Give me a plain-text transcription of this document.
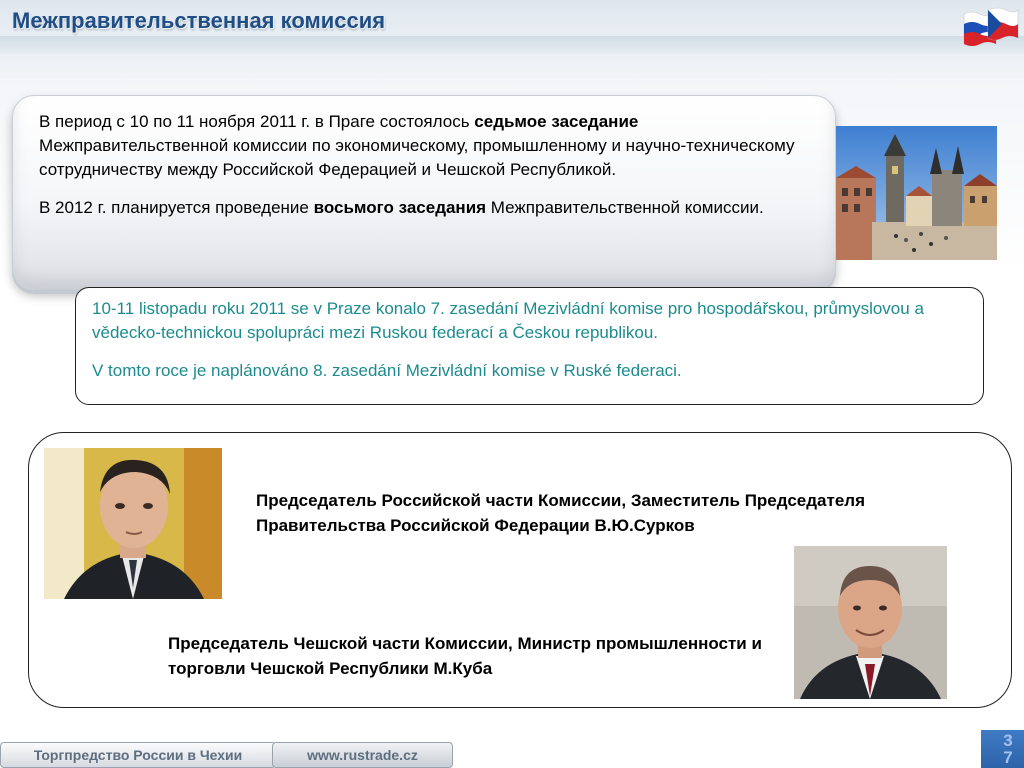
Межправительственная комиссия

В период с 10 по 11 ноября 2011 г. в Праге состоялось седьмое заседание Межправительственной комиссии по экономическому, промышленному и научно-техническому сотрудничеству между Российской Федерацией и Чешской Республикой.

В 2012 г. планируется проведение восьмого заседания Межправительственной комиссии.

10-11 listopadu roku 2011 se v Praze konalo 7. zasedání Mezivládní komise pro hospodářskou, průmyslovou a vědecko-technickou spolupráci mezi Ruskou federací a Českou republikou.

V tomto roce je naplánováno 8. zasedání Mezivládní komise v Ruské federaci.

Председатель Российской части Комиссии, Заместитель Председателя Правительства Российской Федерации В.Ю.Сурков
Председатель Чешской части Комиссии, Министр промышленности и торговли Чешской Республики М.Куба
Торгпредство России в Чехии	www.rustrade.cz
37
